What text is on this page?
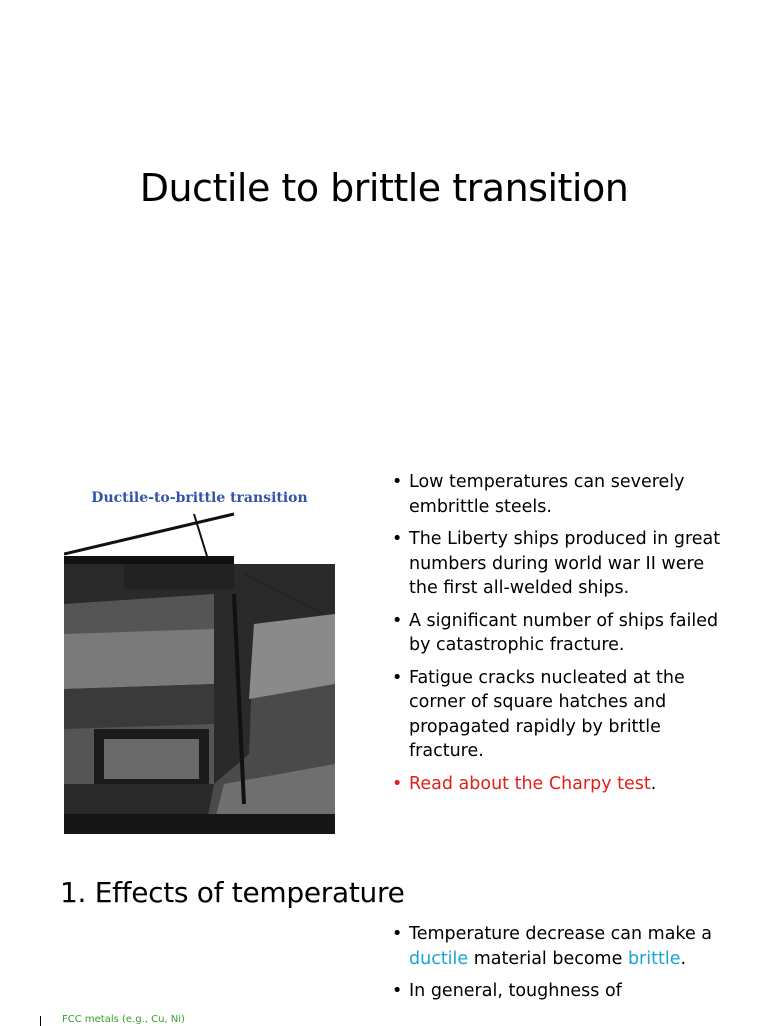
Ductile to brittle transition
Ductile-to-brittle transition
• Low temperatures can severely embrittle steels.
• The Liberty ships produced in great numbers during world war II were the first all-welded ships.
• A significant number of ships failed by catastrophic fracture.
• Fatigue cracks nucleated at the corner of square hatches and propagated rapidly by brittle fracture.
• Read about the Charpy test.
1. Effects of temperature
• Temperature decrease can make a ductile material become brittle.
• In general, toughness of
FCC metals (e.g., Cu, Ni)
